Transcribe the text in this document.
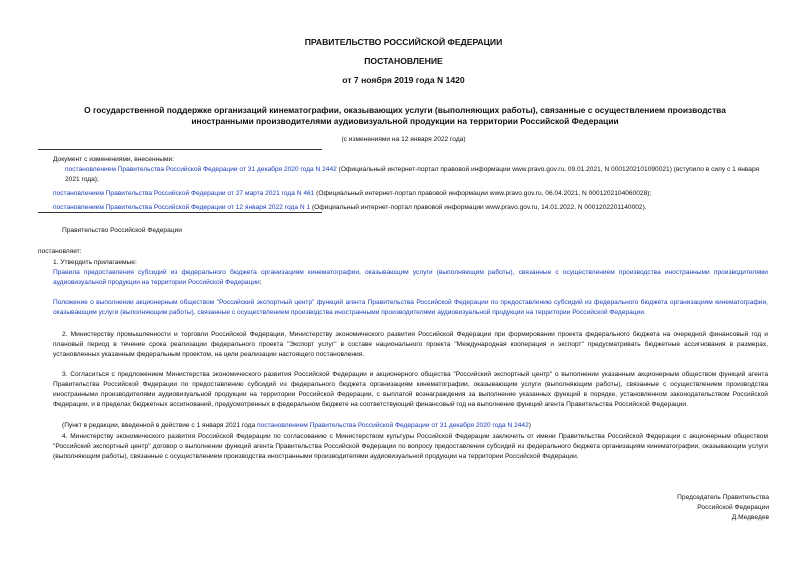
ПРАВИТЕЛЬСТВО РОССИЙСКОЙ ФЕДЕРАЦИИ
ПОСТАНОВЛЕНИЕ
от 7 ноября 2019 года N 1420
О государственной поддержке организаций кинематографии, оказывающих услуги (выполняющих работы), связанные с осуществлением производства иностранными производителями аудиовизуальной продукции на территории Российской Федерации
(с изменениями на 12 января 2022 года)
Документ с изменениями, внесенными:
постановлением Правительства Российской Федерации от 31 декабря 2020 года N 2442 (Официальный интернет-портал правовой информации www.pravo.gov.ru, 09.01.2021, N 0001202101090021) (вступило в силу с 1 января 2021 года);
постановлением Правительства Российской Федерации от 27 марта 2021 года N 461 (Официальный интернет-портал правовой информации www.pravo.gov.ru, 06.04.2021, N 0001202104060028);
постановлением Правительства Российской Федерации от 12 января 2022 года N 1 (Официальный интернет-портал правовой информации www.pravo.gov.ru, 14.01.2022, N 0001202201140002).
Правительство Российской Федерации
постановляет:
1. Утвердить прилагаемые:
Правила предоставления субсидий из федерального бюджета организациям кинематографии, оказывающим услуги (выполняющим работы), связанные с осуществлением производства иностранными производителями аудиовизуальной продукции на территории Российской Федерации;
Положение о выполнении акционерным обществом "Российский экспортный центр" функций агента Правительства Российской Федерации по предоставлению субсидий из федерального бюджета организациям кинематографии, оказывающим услуги (выполняющим работы), связанные с осуществлением производства иностранными производителями аудиовизуальной продукции на территории Российской Федерации.
2. Министерству промышленности и торговли Российской Федерации, Министерству экономического развития Российской Федерации при формировании проекта федерального бюджета на очередной финансовый год и плановый период в течение срока реализации федерального проекта "Экспорт услуг" в составе национального проекта "Международная кооперация и экспорт" предусматривать бюджетные ассигнования в размерах, установленных указанным федеральным проектом, на цели реализации настоящего постановления.
3. Согласиться с предложением Министерства экономического развития Российской Федерации и акционерного общества "Российский экспортный центр" о выполнении указанным акционерным обществом функций агента Правительства Российской Федерации по предоставлению субсидий из федерального бюджета организациям кинематографии, оказывающим услуги (выполняющим работы), связанные с осуществлением производства иностранными производителями аудиовизуальной продукции на территории Российской Федерации, с выплатой вознаграждения за выполнение указанных функций в порядке, установленном законодательством Российской Федерации, и в пределах бюджетных ассигнований, предусмотренных в федеральном бюджете на соответствующий финансовый год на выполнение функций агента Правительства Российской Федерации.
(Пункт в редакции, введенной в действие с 1 января 2021 года постановлением Правительства Российской Федерации от 31 декабря 2020 года N 2442)
4. Министерству экономического развития Российской Федерации по согласованию с Министерством культуры Российской Федерации заключить от имени Правительства Российской Федерации с акционерным обществом "Российский экспортный центр" договор о выполнении функций агента Правительства Российской Федерации по вопросу предоставления субсидий из федерального бюджета организациям кинематографии, оказывающим услуги (выполняющим работы), связанные с осуществлением производства иностранными производителями аудиовизуальной продукции на территории Российской Федерации.
Председатель Правительства
Российской Федерации
Д.Медведев
